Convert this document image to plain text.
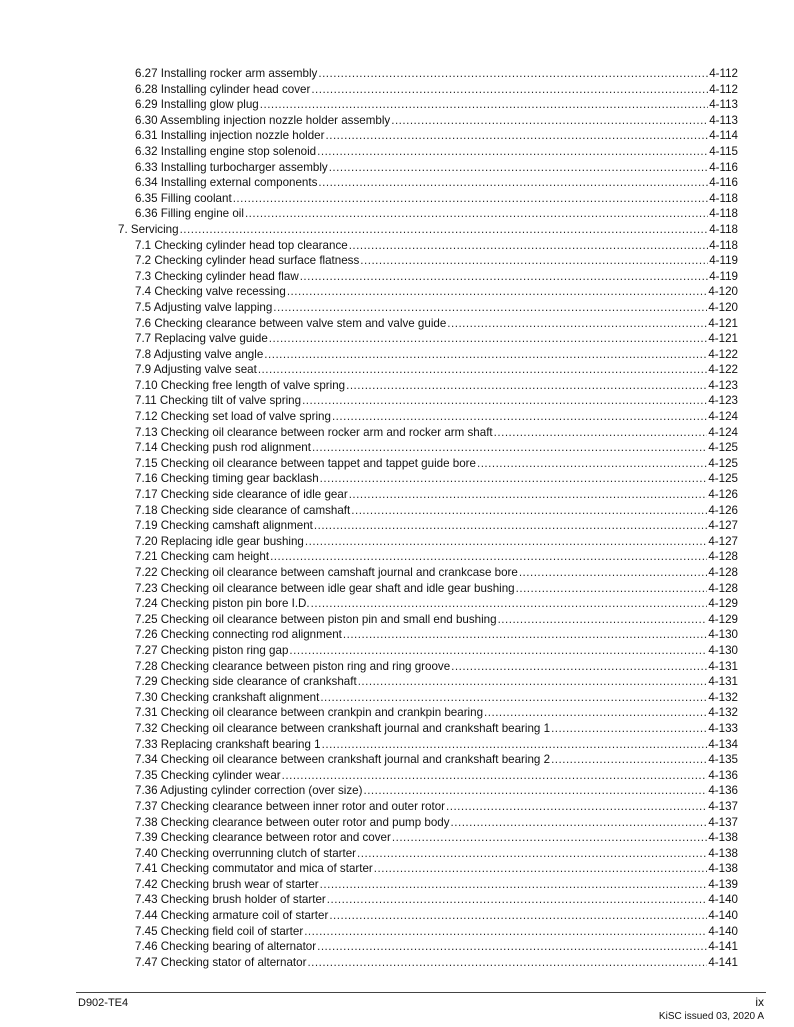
6.27 Installing rocker arm assembly .....	4-112
6.28 Installing cylinder head cover .....	4-112
6.29 Installing glow plug .....	4-113
6.30 Assembling injection nozzle holder assembly .....	4-113
6.31 Installing injection nozzle holder .....	4-114
6.32 Installing engine stop solenoid .....	4-115
6.33 Installing turbocharger assembly .....	4-116
6.34 Installing external components .....	4-116
6.35 Filling coolant .....	4-118
6.36 Filling engine oil .....	4-118
7. Servicing .....	4-118
7.1 Checking cylinder head top clearance .....	4-118
7.2 Checking cylinder head surface flatness .....	4-119
7.3 Checking cylinder head flaw .....	4-119
7.4 Checking valve recessing .....	4-120
7.5 Adjusting valve lapping .....	4-120
7.6 Checking clearance between valve stem and valve guide .....	4-121
7.7 Replacing valve guide .....	4-121
7.8 Adjusting valve angle .....	4-122
7.9 Adjusting valve seat .....	4-122
7.10 Checking free length of valve spring .....	4-123
7.11 Checking tilt of valve spring .....	4-123
7.12 Checking set load of valve spring .....	4-124
7.13 Checking oil clearance between rocker arm and rocker arm shaft .....	4-124
7.14 Checking push rod alignment .....	4-125
7.15 Checking oil clearance between tappet and tappet guide bore .....	4-125
7.16 Checking timing gear backlash .....	4-125
7.17 Checking side clearance of idle gear .....	4-126
7.18 Checking side clearance of camshaft .....	4-126
7.19 Checking camshaft alignment .....	4-127
7.20 Replacing idle gear bushing .....	4-127
7.21 Checking cam height .....	4-128
7.22 Checking oil clearance between camshaft journal and crankcase bore .....	4-128
7.23 Checking oil clearance between idle gear shaft and idle gear bushing .....	4-128
7.24 Checking piston pin bore I.D. .....	4-129
7.25 Checking oil clearance between piston pin and small end bushing .....	4-129
7.26 Checking connecting rod alignment .....	4-130
7.27 Checking piston ring gap .....	4-130
7.28 Checking clearance between piston ring and ring groove .....	4-131
7.29 Checking side clearance of crankshaft .....	4-131
7.30 Checking crankshaft alignment .....	4-132
7.31 Checking oil clearance between crankpin and crankpin bearing .....	4-132
7.32 Checking oil clearance between crankshaft journal and crankshaft bearing 1 .....	4-133
7.33 Replacing crankshaft bearing 1 .....	4-134
7.34 Checking oil clearance between crankshaft journal and crankshaft bearing 2 .....	4-135
7.35 Checking cylinder wear .....	4-136
7.36 Adjusting cylinder correction (over size) .....	4-136
7.37 Checking clearance between inner rotor and outer rotor .....	4-137
7.38 Checking clearance between outer rotor and pump body .....	4-137
7.39 Checking clearance between rotor and cover .....	4-138
7.40 Checking overrunning clutch of starter .....	4-138
7.41 Checking commutator and mica of starter .....	4-138
7.42 Checking brush wear of starter .....	4-139
7.43 Checking brush holder of starter .....	4-140
7.44 Checking armature coil of starter .....	4-140
7.45 Checking field coil of starter .....	4-140
7.46 Checking bearing of alternator .....	4-141
7.47 Checking stator of alternator .....	4-141
D902-TE4	ix
KiSC issued 03, 2020 A
